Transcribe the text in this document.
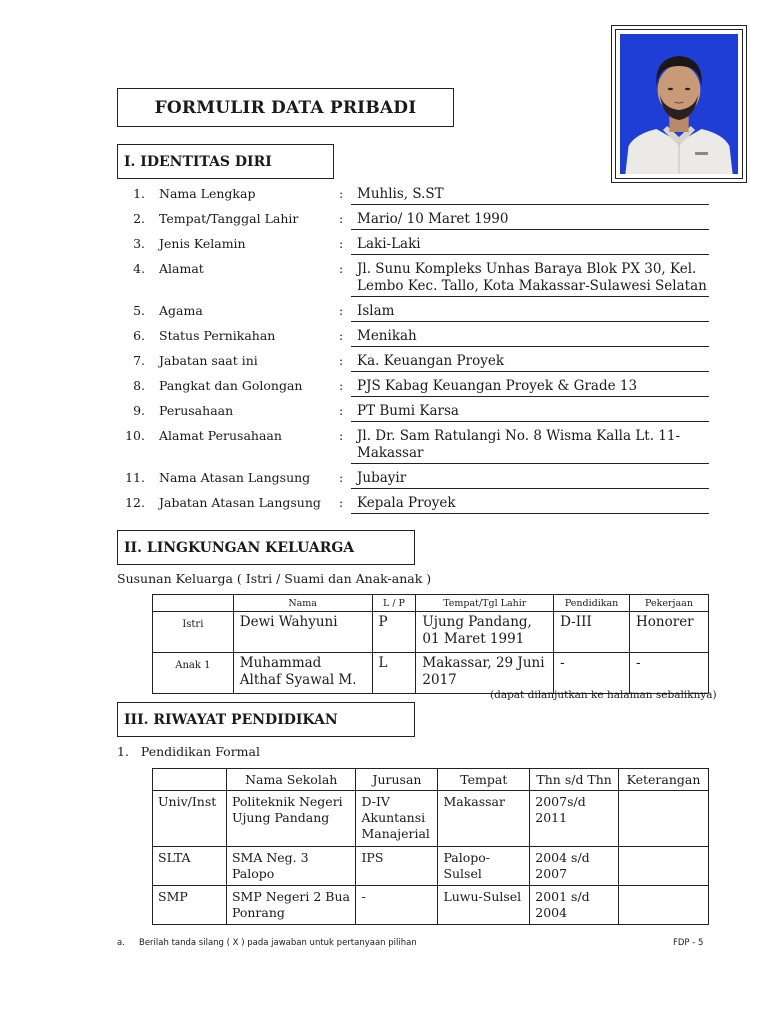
FORMULIR DATA PRIBADI
I. IDENTITAS DIRI
1. Nama Lengkap	:	Muhlis, S.ST
2. Tempat/Tanggal Lahir	:	Mario/ 10 Maret 1990
3. Jenis Kelamin	:	Laki-Laki
4. Alamat	: Jl. Sunu Kompleks Unhas Baraya Blok PX 30, Kel.
Lembo Kec. Tallo, Kota Makassar-Sulawesi Selatan
5. Agama	:	Islam
6. Status Pernikahan	:	Menikah
7. Jabatan saat ini	:	Ka. Keuangan Proyek
8. Pangkat dan Golongan	:	PJS Kabag Keuangan Proyek & Grade 13
9. Perusahaan	:	PT Bumi Karsa
10. Alamat Perusahaan	: Jl. Dr. Sam Ratulangi No. 8 Wisma Kalla Lt. 11-
Makassar
11. Nama Atasan Langsung :	Jubayir
12. Jabatan Atasan Langsung :	Kepala Proyek
II. LINGKUNGAN KELUARGA
Susunan Keluarga ( Istri / Suami dan Anak-anak )
	Nama	L / P	Tempat/Tgl Lahir	Pendidikan	Pekerjaan
Istri	Dewi Wahyuni	P	Ujung Pandang, 01 Maret 1991	D-III	Honorer
Anak 1	Muhammad Althaf Syawal M.	L	Makassar, 29 Juni 2017	-	-
(dapat dilanjutkan ke halaman sebaliknya)
III. RIWAYAT PENDIDIKAN
1.   Pendidikan Formal
	Nama Sekolah	Jurusan	Tempat	Thn s/d Thn	Keterangan
Univ/Inst	Politeknik Negeri Ujung Pandang	D-IV Akuntansi Manajerial	Makassar	2007s/d 2011	
SLTA	SMA Neg. 3 Palopo	IPS	Palopo-Sulsel	2004 s/d 2007	
SMP	SMP Negeri 2 Bua Ponrang	-	Luwu-Sulsel	2001 s/d 2004	
a. Berilah tanda silang ( X ) pada jawaban untuk pertanyaan pilihan	FDP - 5
